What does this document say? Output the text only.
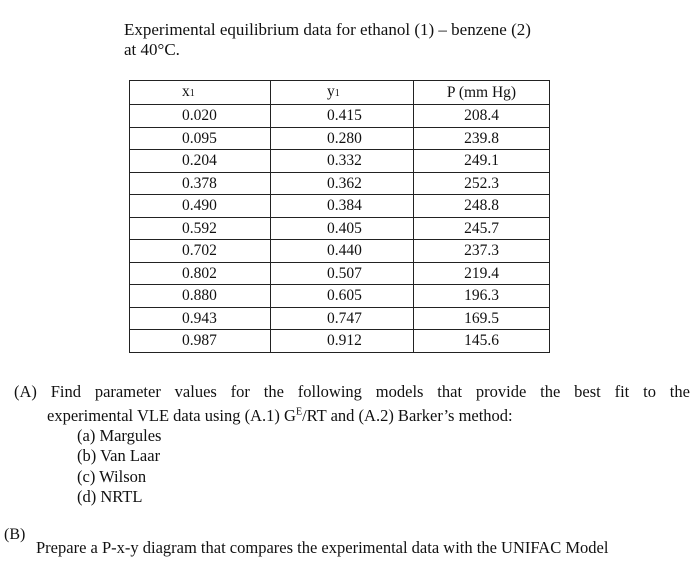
Experimental equilibrium data for ethanol (1) – benzene (2)
at 40°C.
x1	y1	P (mm Hg)
0.020	0.415	208.4
0.095	0.280	239.8
0.204	0.332	249.1
0.378	0.362	252.3
0.490	0.384	248.8
0.592	0.405	245.7
0.702	0.440	237.3
0.802	0.507	219.4
0.880	0.605	196.3
0.943	0.747	169.5
0.987	0.912	145.6
(A) Find parameter values for the following models that provide the best fit to the
experimental VLE data using (A.1) $G^E/RT$ and (A.2) Barker’s method:
(a) Margules
(b) Van Laar
(c) Wilson
(d) NRTL
(B)
Prepare a P-x-y diagram that compares the experimental data with the UNIFAC Model
